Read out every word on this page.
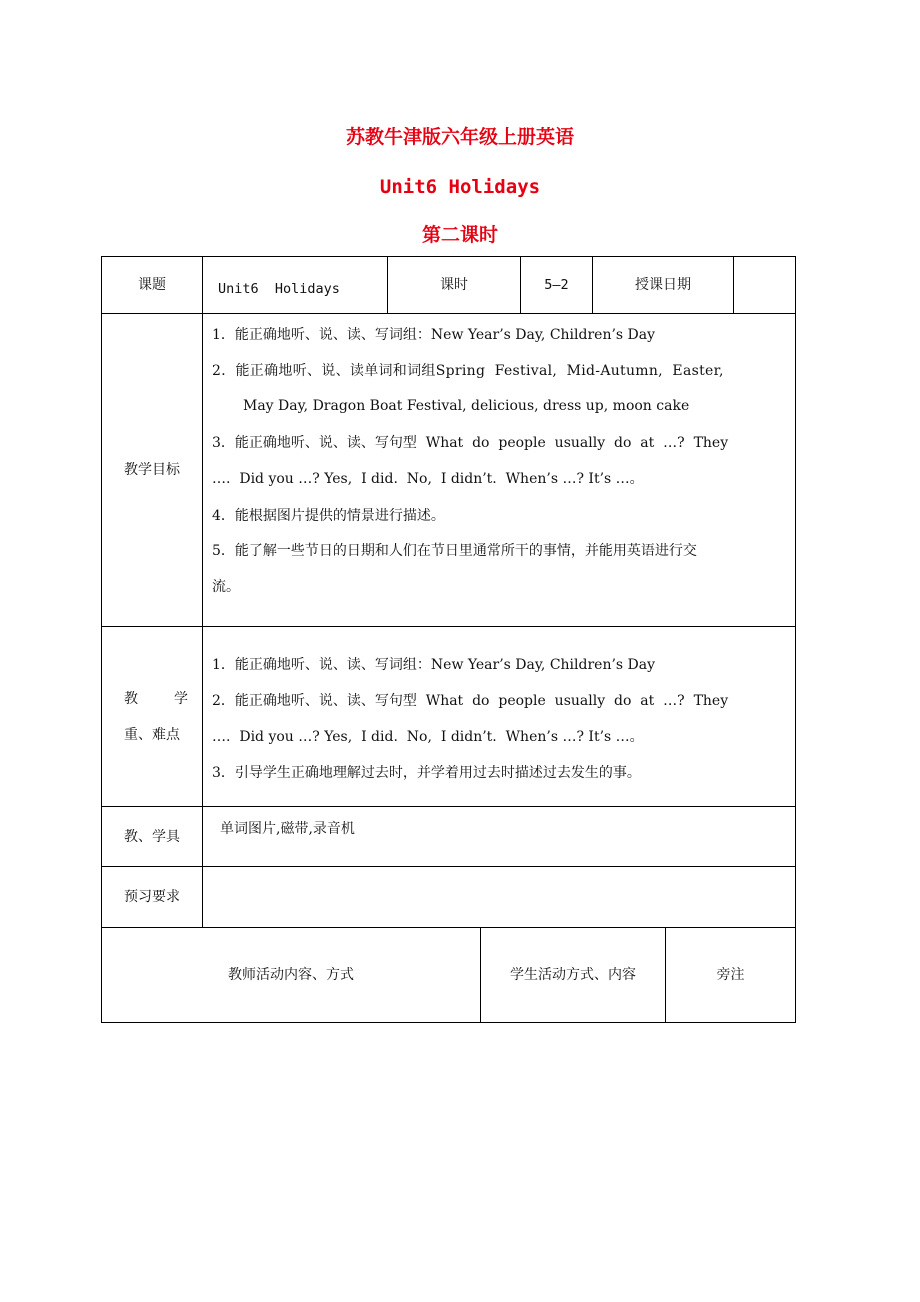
苏教牛津版六年级上册英语
Unit6 Holidays
第二课时
课题	Unit6  Holidays	课时	5—2	授课日期
教学目标
1．能正确地听、说、读、写词组：New Year’s Day, Children’s Day
2．能正确地听、说、读单词和词组Spring  Festival,  Mid-Autumn,  Easter,
May Day, Dragon Boat Festival, delicious, dress up, moon cake
3．能正确地听、说、读、写句型  What  do  people  usually  do  at  …?  They
….  Did you …? Yes,  I did.  No,  I didn’t.  When’s …? It’s …。
4．能根据图片提供的情景进行描述。
5．能了解一些节日的日期和人们在节日里通常所干的事情，并能用英语进行交
流。
教	学
重、难点
1．能正确地听、说、读、写词组：New Year’s Day, Children’s Day
2．能正确地听、说、读、写句型  What  do  people  usually  do  at  …?  They
….  Did you …? Yes,  I did.  No,  I didn’t.  When’s …? It’s …。
3．引导学生正确地理解过去时，并学着用过去时描述过去发生的事。
教、学具	单词图片,磁带,录音机
预习要求
教师活动内容、方式	学生活动方式、内容	旁注
